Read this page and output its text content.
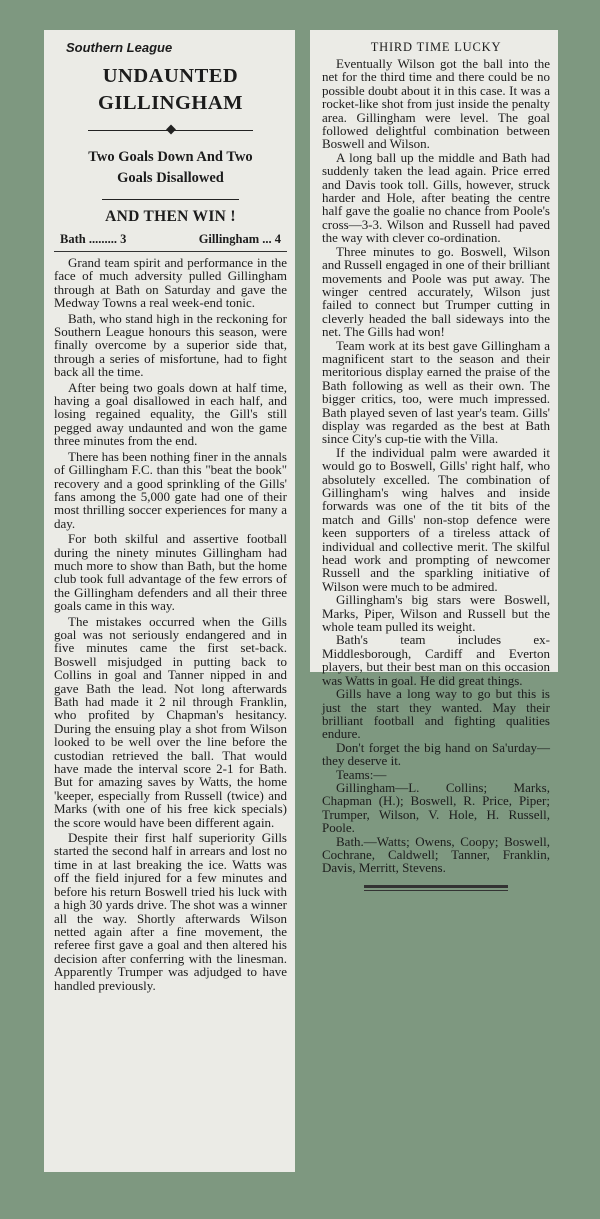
Southern League
UNDAUNTED
GILLINGHAM
Two Goals Down And Two
Goals Disallowed
AND THEN WIN !
Bath ......... 3	Gillingham ... 4

Grand team spirit and performance in the face of much adversity pulled Gillingham through at Bath on Saturday and gave the Medway Towns a real week-end tonic.

Bath, who stand high in the reckoning for Southern League honours this season, were finally overcome by a superior side that, through a series of misfortune, had to fight back all the time.

After being two goals down at half time, having a goal disallowed in each half, and losing regained equality, the Gill's still pegged away undaunted and won the game three minutes from the end.

There has been nothing finer in the annals of Gillingham F.C. than this "beat the book" recovery and a good sprinkling of the Gills' fans among the 5,000 gate had one of their most thrilling soccer experiences for many a day.

For both skilful and assertive football during the ninety minutes Gillingham had much more to show than Bath, but the home club took full advantage of the few errors of the Gillingham defenders and all their three goals came in this way.

The mistakes occurred when the Gills goal was not seriously endangered and in five minutes came the first set-back. Boswell misjudged in putting back to Collins in goal and Tanner nipped in and gave Bath the lead. Not long afterwards Bath had made it 2 nil through Franklin, who profited by Chapman's hesitancy. During the ensuing play a shot from Wilson looked to be well over the line before the custodian retrieved the ball. That would have made the interval score 2-1 for Bath. But for amazing saves by Watts, the home 'keeper, especially from Russell (twice) and Marks (with one of his free kick specials) the score would have been different again.

Despite their first half superiority Gills started the second half in arrears and lost no time in at last breaking the ice. Watts was off the field injured for a few minutes and before his return Boswell tried his luck with a high 30 yards drive. The shot was a winner all the way. Shortly afterwards Wilson netted again after a fine movement, the referee first gave a goal and then altered his decision after conferring with the linesman. Apparently Trumper was adjudged to have handled previously.

THIRD TIME LUCKY

Eventually Wilson got the ball into the net for the third time and there could be no possible doubt about it in this case. It was a rocket-like shot from just inside the penalty area. Gillingham were level. The goal followed delightful combination between Boswell and Wilson.

A long ball up the middle and Bath had suddenly taken the lead again. Price erred and Davis took toll. Gills, however, struck harder and Hole, after beating the centre half gave the goalie no chance from Poole's cross—3-3. Wilson and Russell had paved the way with clever co-ordination.

Three minutes to go. Boswell, Wilson and Russell engaged in one of their brilliant movements and Poole was put away. The winger centred accurately, Wilson just failed to connect but Trumper cutting in cleverly headed the ball sideways into the net. The Gills had won!

Team work at its best gave Gillingham a magnificent start to the season and their meritorious display earned the praise of the Bath following as well as their own. The bigger critics, too, were much impressed. Bath played seven of last year's team. Gills' display was regarded as the best at Bath since City's cup-tie with the Villa.

If the individual palm were awarded it would go to Boswell, Gills' right half, who absolutely excelled. The combination of Gillingham's wing halves and inside forwards was one of the tit bits of the match and Gills' non-stop defence were keen supporters of a tireless attack of individual and collective merit. The skilful head work and prompting of newcomer Russell and the sparkling initiative of Wilson were much to be admired.

Gillingham's big stars were Boswell, Marks, Piper, Wilson and Russell but the whole team pulled its weight.

Bath's team includes ex-Middlesborough, Cardiff and Everton players, but their best man on this occasion was Watts in goal. He did great things.

Gills have a long way to go but this is just the start they wanted. May their brilliant football and fighting qualities endure.

Don't forget the big hand on Sa'urday—they deserve it.

Teams:—

Gillingham—L. Collins; Marks, Chapman (H.); Boswell, R. Price, Piper; Trumper, Wilson, V. Hole, H. Russell, Poole.

Bath.—Watts; Owens, Coopy; Boswell, Cochrane, Caldwell; Tanner, Franklin, Davis, Merritt, Stevens.
